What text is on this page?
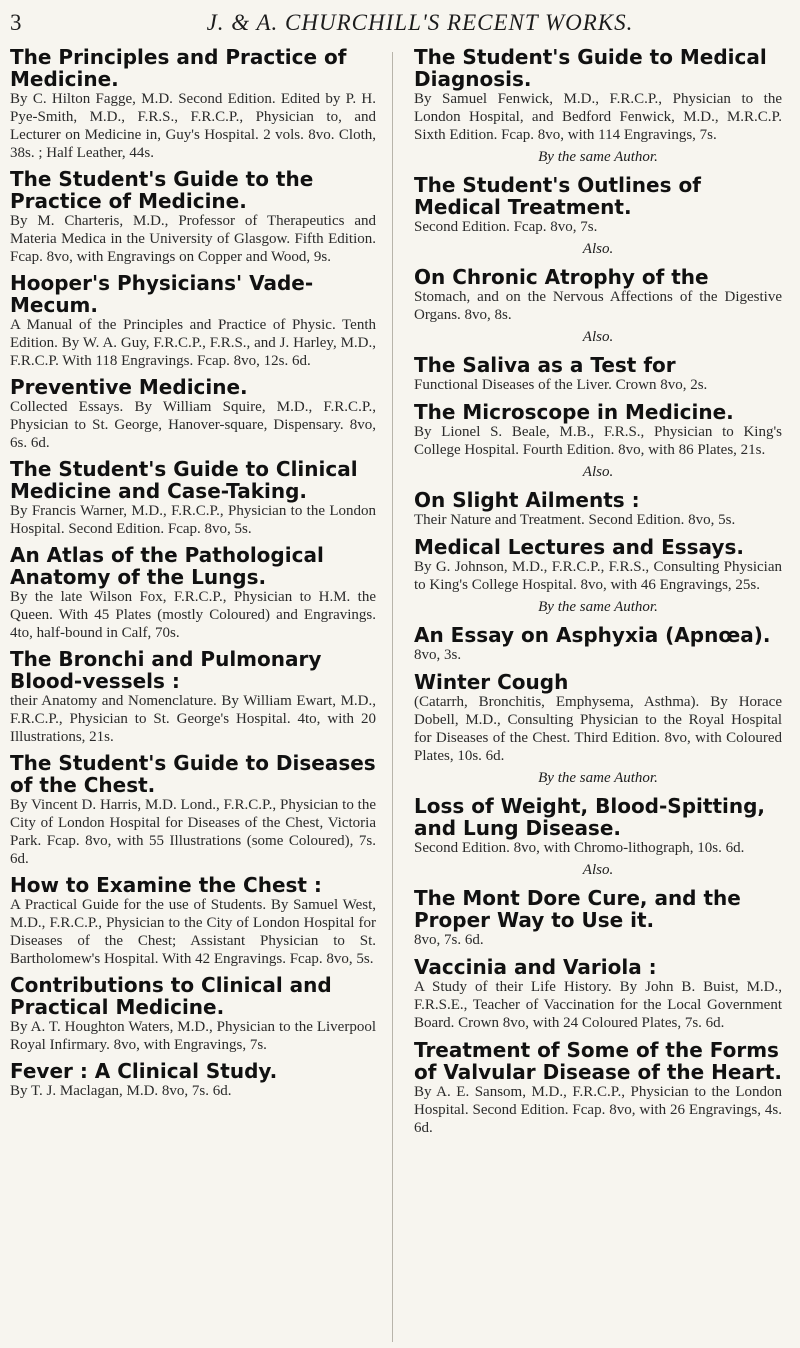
3	J. & A. CHURCHILL'S RECENT WORKS.
The Principles and Practice of Medicine.
By C. Hilton Fagge, M.D. Second Edition. Edited by P. H. Pye-Smith, M.D., F.R.S., F.R.C.P., Physician to, and Lecturer on Medicine in, Guy's Hospital. 2 vols. 8vo. Cloth, 38s. ; Half Leather, 44s.
The Student's Guide to the Practice of Medicine.
By M. Charteris, M.D., Professor of Therapeutics and Materia Medica in the University of Glasgow. Fifth Edition. Fcap. 8vo, with Engravings on Copper and Wood, 9s.
Hooper's Physicians' Vade-Mecum.
A Manual of the Principles and Practice of Physic. Tenth Edition. By W. A. Guy, F.R.C.P., F.R.S., and J. Harley, M.D., F.R.C.P. With 118 Engravings. Fcap. 8vo, 12s. 6d.
Preventive Medicine.
Collected Essays. By William Squire, M.D., F.R.C.P., Physician to St. George, Hanover-square, Dispensary. 8vo, 6s. 6d.
The Student's Guide to Clinical Medicine and Case-Taking.
By Francis Warner, M.D., F.R.C.P., Physician to the London Hospital. Second Edition. Fcap. 8vo, 5s.
An Atlas of the Pathological Anatomy of the Lungs.
By the late Wilson Fox, F.R.C.P., Physician to H.M. the Queen. With 45 Plates (mostly Coloured) and Engravings. 4to, half-bound in Calf, 70s.
The Bronchi and Pulmonary Blood-vessels :
their Anatomy and Nomenclature. By William Ewart, M.D., F.R.C.P., Physician to St. George's Hospital. 4to, with 20 Illustrations, 21s.
The Student's Guide to Diseases of the Chest.
By Vincent D. Harris, M.D. Lond., F.R.C.P., Physician to the City of London Hospital for Diseases of the Chest, Victoria Park. Fcap. 8vo, with 55 Illustrations (some Coloured), 7s. 6d.
How to Examine the Chest :
A Practical Guide for the use of Students. By Samuel West, M.D., F.R.C.P., Physician to the City of London Hospital for Diseases of the Chest; Assistant Physician to St. Bartholomew's Hospital. With 42 Engravings. Fcap. 8vo, 5s.
Contributions to Clinical and Practical Medicine.
By A. T. Houghton Waters, M.D., Physician to the Liverpool Royal Infirmary. 8vo, with Engravings, 7s.
Fever : A Clinical Study.
By T. J. Maclagan, M.D. 8vo, 7s. 6d.
The Student's Guide to Medical Diagnosis.
By Samuel Fenwick, M.D., F.R.C.P., Physician to the London Hospital, and Bedford Fenwick, M.D., M.R.C.P. Sixth Edition. Fcap. 8vo, with 114 Engravings, 7s.
By the same Author.
The Student's Outlines of Medical Treatment.
Second Edition. Fcap. 8vo, 7s.
Also.
On Chronic Atrophy of the
Stomach, and on the Nervous Affections of the Digestive Organs. 8vo, 8s.
Also.
The Saliva as a Test for
Functional Diseases of the Liver. Crown 8vo, 2s.
The Microscope in Medicine.
By Lionel S. Beale, M.B., F.R.S., Physician to King's College Hospital. Fourth Edition. 8vo, with 86 Plates, 21s.
Also.
On Slight Ailments :
Their Nature and Treatment. Second Edition. 8vo, 5s.
Medical Lectures and Essays.
By G. Johnson, M.D., F.R.C.P., F.R.S., Consulting Physician to King's College Hospital. 8vo, with 46 Engravings, 25s.
By the same Author.
An Essay on Asphyxia (Apnœa).
8vo, 3s.
Winter Cough
(Catarrh, Bronchitis, Emphysema, Asthma). By Horace Dobell, M.D., Consulting Physician to the Royal Hospital for Diseases of the Chest. Third Edition. 8vo, with Coloured Plates, 10s. 6d.
By the same Author.
Loss of Weight, Blood-Spitting, and Lung Disease.
Second Edition. 8vo, with Chromo-lithograph, 10s. 6d.
Also.
The Mont Dore Cure, and the Proper Way to Use it.
8vo, 7s. 6d.
Vaccinia and Variola :
A Study of their Life History. By John B. Buist, M.D., F.R.S.E., Teacher of Vaccination for the Local Government Board. Crown 8vo, with 24 Coloured Plates, 7s. 6d.
Treatment of Some of the Forms of Valvular Disease of the Heart.
By A. E. Sansom, M.D., F.R.C.P., Physician to the London Hospital. Second Edition. Fcap. 8vo, with 26 Engravings, 4s. 6d.
